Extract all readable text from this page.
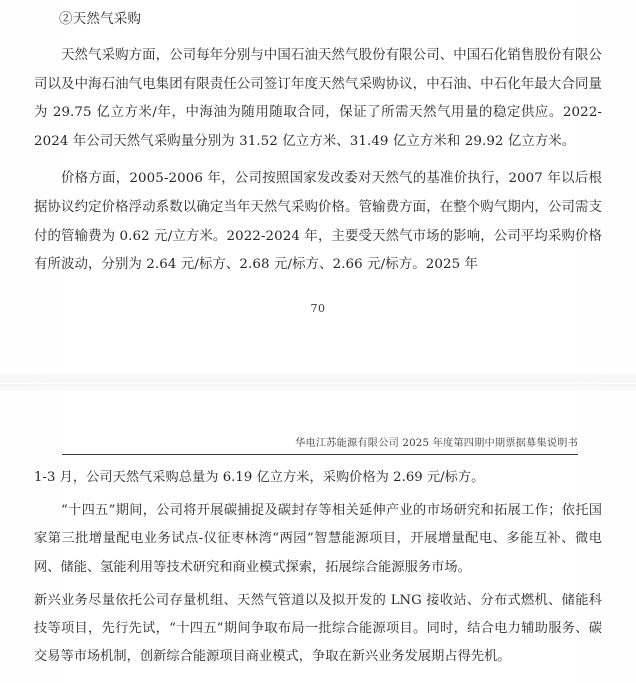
②天然气采购

天然气采购方面，公司每年分别与中国石油天然气股份有限公司、中国石化销售股份有限公司以及中海石油气电集团有限责任公司签订年度天然气采购协议，中石油、中石化年最大合同量为 29.75 亿立方米/年，中海油为随用随取合同，保证了所需天然气用量的稳定供应。2022-2024 年公司天然气采购量分别为 31.52 亿立方米、31.49 亿立方米和 29.92 亿立方米。

价格方面，2005-2006 年，公司按照国家发改委对天然气的基准价执行，2007 年以后根据协议约定价格浮动系数以确定当年天然气采购价格。管输费方面，在整个购气期内，公司需支付的管输费为 0.62 元/立方米。2022-2024 年，主要受天然气市场的影响，公司平均采购价格有所波动，分别为 2.64 元/标方、2.68 元/标方、2.66 元/标方。2025 年

70
华电江苏能源有限公司 2025 年度第四期中期票据募集说明书

1-3 月，公司天然气采购总量为 6.19 亿立方米，采购价格为 2.69 元/标方。

“十四五”期间，公司将开展碳捕捉及碳封存等相关延伸产业的市场研究和拓展工作；依托国家第三批增量配电业务试点-仪征枣林湾“两园”智慧能源项目，开展增量配电、多能互补、微电网、储能、氢能利用等技术研究和商业模式探索，拓展综合能源服务市场。

新兴业务尽量依托公司存量机组、天然气管道以及拟开发的 LNG 接收站、分布式燃机、储能科技等项目，先行先试，“十四五”期间争取布局一批综合能源项目。同时，结合电力辅助服务、碳交易等市场机制，创新综合能源项目商业模式，争取在新兴业务发展期占得先机。
